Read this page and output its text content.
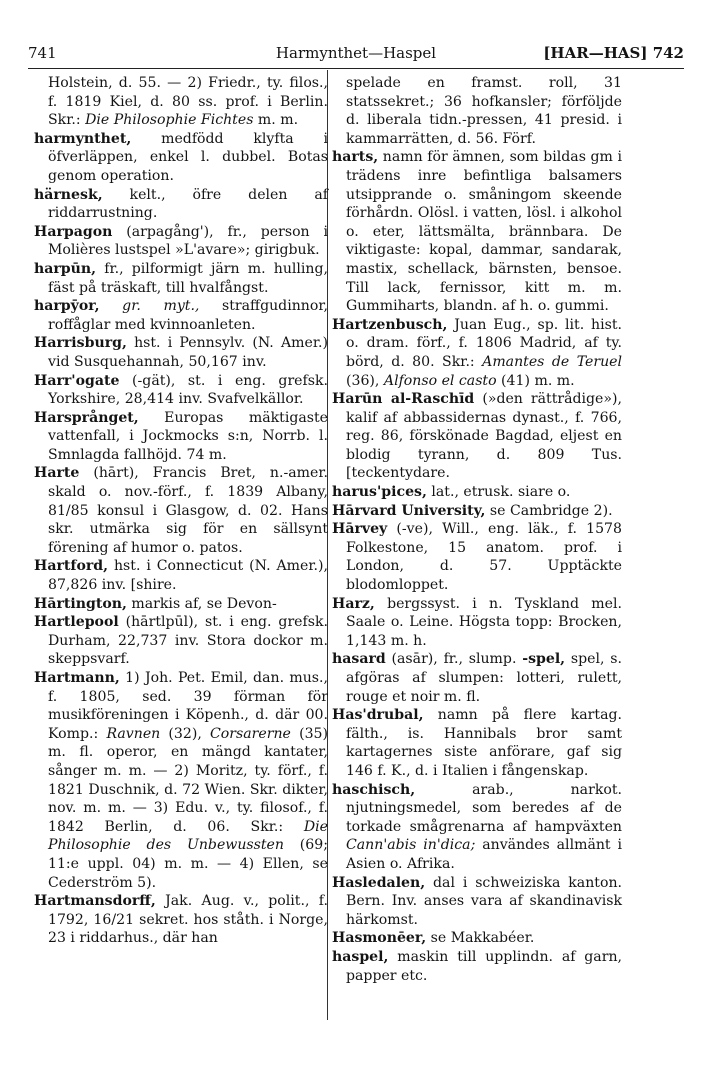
741	Harmynthet—Haspel	[HAR—HAS] 742

Holstein, d. 55. — 2) Friedr., ty. filos., f. 1819 Kiel, d. 80 ss. prof. i Berlin. Skr.: Die Philosophie Fichtes m. m.

harmynthet, medfödd klyfta i öfverläppen, enkel l. dubbel. Botas genom operation.

härnesk, kelt., öfre delen af riddarrustning.

Harpagon (arpagång'), fr., person i Molières lustspel »L'avare»; girigbuk.

harpūn, fr., pilformigt järn m. hulling, fäst på träskaft, till hvalfångst.

harpȳor, gr. myt., straffgudinnor, roffåglar med kvinnoanleten.

Harrisburg, hst. i Pennsylv. (N. Amer.) vid Susquehannah, 50,167 inv.

Harr'ogate (-gät), st. i eng. grefsk. Yorkshire, 28,414 inv. Svafvelkällor.

Harsprånget, Europas mäktigaste vattenfall, i Jockmocks s:n, Norrb. l. Smnlagda fallhöjd. 74 m.

Harte (hārt), Francis Bret, n.-amer. skald o. nov.-förf., f. 1839 Albany, 81/85 konsul i Glasgow, d. 02. Hans skr. utmärka sig för en sällsynt förening af humor o. patos.

Hartford, hst. i Connecticut (N. Amer.), 87,826 inv. [shire.

Hārtington, markis af, se Devon-

Hartlepool (hārtlpūl), st. i eng. grefsk. Durham, 22,737 inv. Stora dockor m. skeppsvarf.

Hartmann, 1) Joh. Pet. Emil, dan. mus., f. 1805, sed. 39 förman för musikföreningen i Köpenh., d. där 00. Komp.: Ravnen (32), Corsarerne (35) m. fl. operor, en mängd kantater, sånger m. m. — 2) Moritz, ty. förf., f. 1821 Duschnik, d. 72 Wien. Skr. dikter, nov. m. m. — 3) Edu. v., ty. filosof., f. 1842 Berlin, d. 06. Skr.: Die Philosophie des Unbewussten (69; 11:e uppl. 04) m. m. — 4) Ellen, se Cederström 5).

Hartmansdorff, Jak. Aug. v., polit., f. 1792, 16/21 sekret. hos ståth. i Norge, 23 i riddarhus., där han

spelade en framst. roll, 31 statssekret.; 36 hofkansler; förföljde d. liberala tidn.-pressen, 41 presid. i kammarrätten, d. 56. Förf.

harts, namn för ämnen, som bildas gm i trädens inre befintliga balsamers utsipprande o. småningom skeende förhårdn. Olösl. i vatten, lösl. i alkohol o. eter, lättsmälta, brännbara. De viktigaste: kopal, dammar, sandarak, mastix, schellack, bärnsten, bensoe. Till lack, fernissor, kitt m. m. Gummiharts, blandn. af h. o. gummi.

Hartzenbusch, Juan Eug., sp. lit. hist. o. dram. förf., f. 1806 Madrid, af ty. börd, d. 80. Skr.: Amantes de Teruel (36), Alfonso el casto (41) m. m.

Harūn al-Raschīd (»den rättrådige»), kalif af abbassidernas dynast., f. 766, reg. 86, förskönade Bagdad, eljest en blodig tyrann, d. 809 Tus. [teckentydare.

harus'pices, lat., etrusk. siare o.

Hārvard University, se Cambridge 2).

Hārvey (-ve), Will., eng. läk., f. 1578 Folkestone, 15 anatom. prof. i London, d. 57. Upptäckte blodomloppet.

Harz, bergssyst. i n. Tyskland mel. Saale o. Leine. Högsta topp: Brocken, 1,143 m. h.

hasard (asār), fr., slump. -spel, spel, s. afgöras af slumpen: lotteri, rulett, rouge et noir m. fl.

Has'drubal, namn på flere kartag. fälth., is. Hannibals bror samt kartagernes siste anförare, gaf sig 146 f. K., d. i Italien i fångenskap.

haschisch, arab., narkot. njutningsmedel, som beredes af de torkade smågrenarna af hampväxten Cann'abis in'dica; användes allmänt i Asien o. Afrika.

Hasledalen, dal i schweiziska kanton. Bern. Inv. anses vara af skandinavisk härkomst.

Hasmonēer, se Makkabéer.

haspel, maskin till upplindn. af garn, papper etc.
